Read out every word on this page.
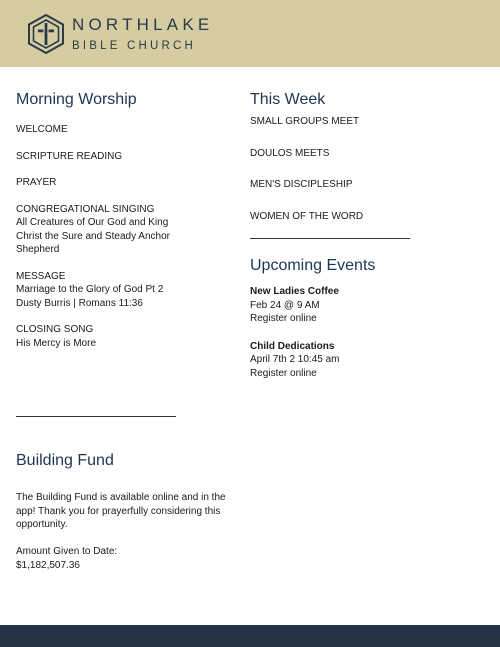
NORTHLAKE
BIBLE CHURCH
Morning Worship
WELCOME
SCRIPTURE READING
PRAYER
CONGREGATIONAL SINGING
All Creatures of Our God and King
Christ the Sure and Steady Anchor
Shepherd
MESSAGE
Marriage to the Glory of God Pt 2
Dusty Burris | Romans 11:36
CLOSING SONG
His Mercy is More
Building Fund
The Building Fund is available online and in the
app! Thank you for prayerfully considering this
opportunity.
Amount Given to Date:
$1,182,507.36
This Week
SMALL GROUPS MEET
DOULOS MEETS
MEN'S DISCIPLESHIP
WOMEN OF THE WORD
Upcoming Events
New Ladies Coffee
Feb 24 @ 9 AM
Register online
Child Dedications
April 7th 2 10:45 am
Register online
